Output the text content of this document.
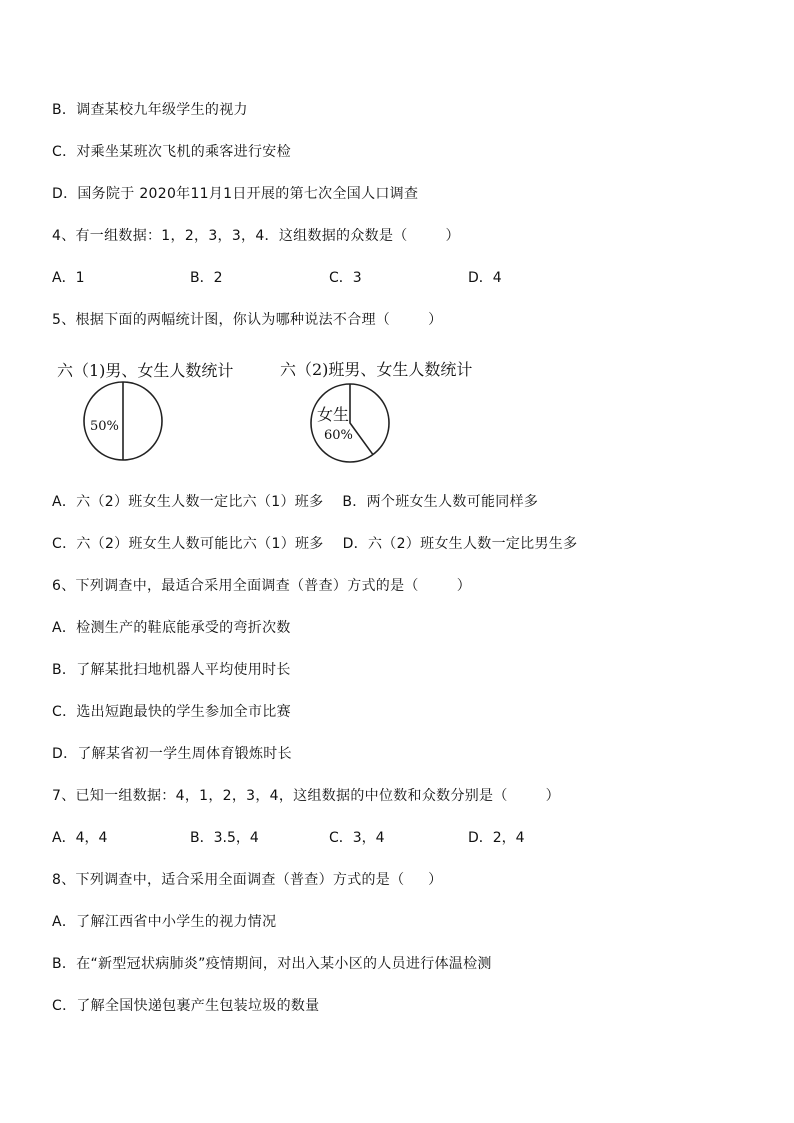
B．调查某校九年级学生的视力
C．对乘坐某班次飞机的乘客进行安检
D．国务院于 2020年11月1日开展的第七次全国人口调查
4、有一组数据：1，2，3，3，4．这组数据的众数是（        ）
A．1	B．2	C．3	D．4
5、根据下面的两幅统计图，你认为哪种说法不合理（        ）
六（1)男、女生人数统计
50%
六（2)班男、女生人数统计
女生
60%
A．六（2）班女生人数一定比六（1）班多    B．两个班女生人数可能同样多
C．六（2）班女生人数可能比六（1）班多    D．六（2）班女生人数一定比男生多
6、下列调查中，最适合采用全面调查（普查）方式的是（        ）
A．检测生产的鞋底能承受的弯折次数
B．了解某批扫地机器人平均使用时长
C．选出短跑最快的学生参加全市比赛
D．了解某省初一学生周体育锻炼时长
7、已知一组数据：4，1，2，3，4，这组数据的中位数和众数分别是（        ）
A．4，4	B．3.5，4	C．3，4	D．2，4
8、下列调查中，适合采用全面调查（普查）方式的是（     ）
A．了解江西省中小学生的视力情况
B．在“新型冠状病肺炎”疫情期间，对出入某小区的人员进行体温检测
C．了解全国快递包裹产生包装垃圾的数量
